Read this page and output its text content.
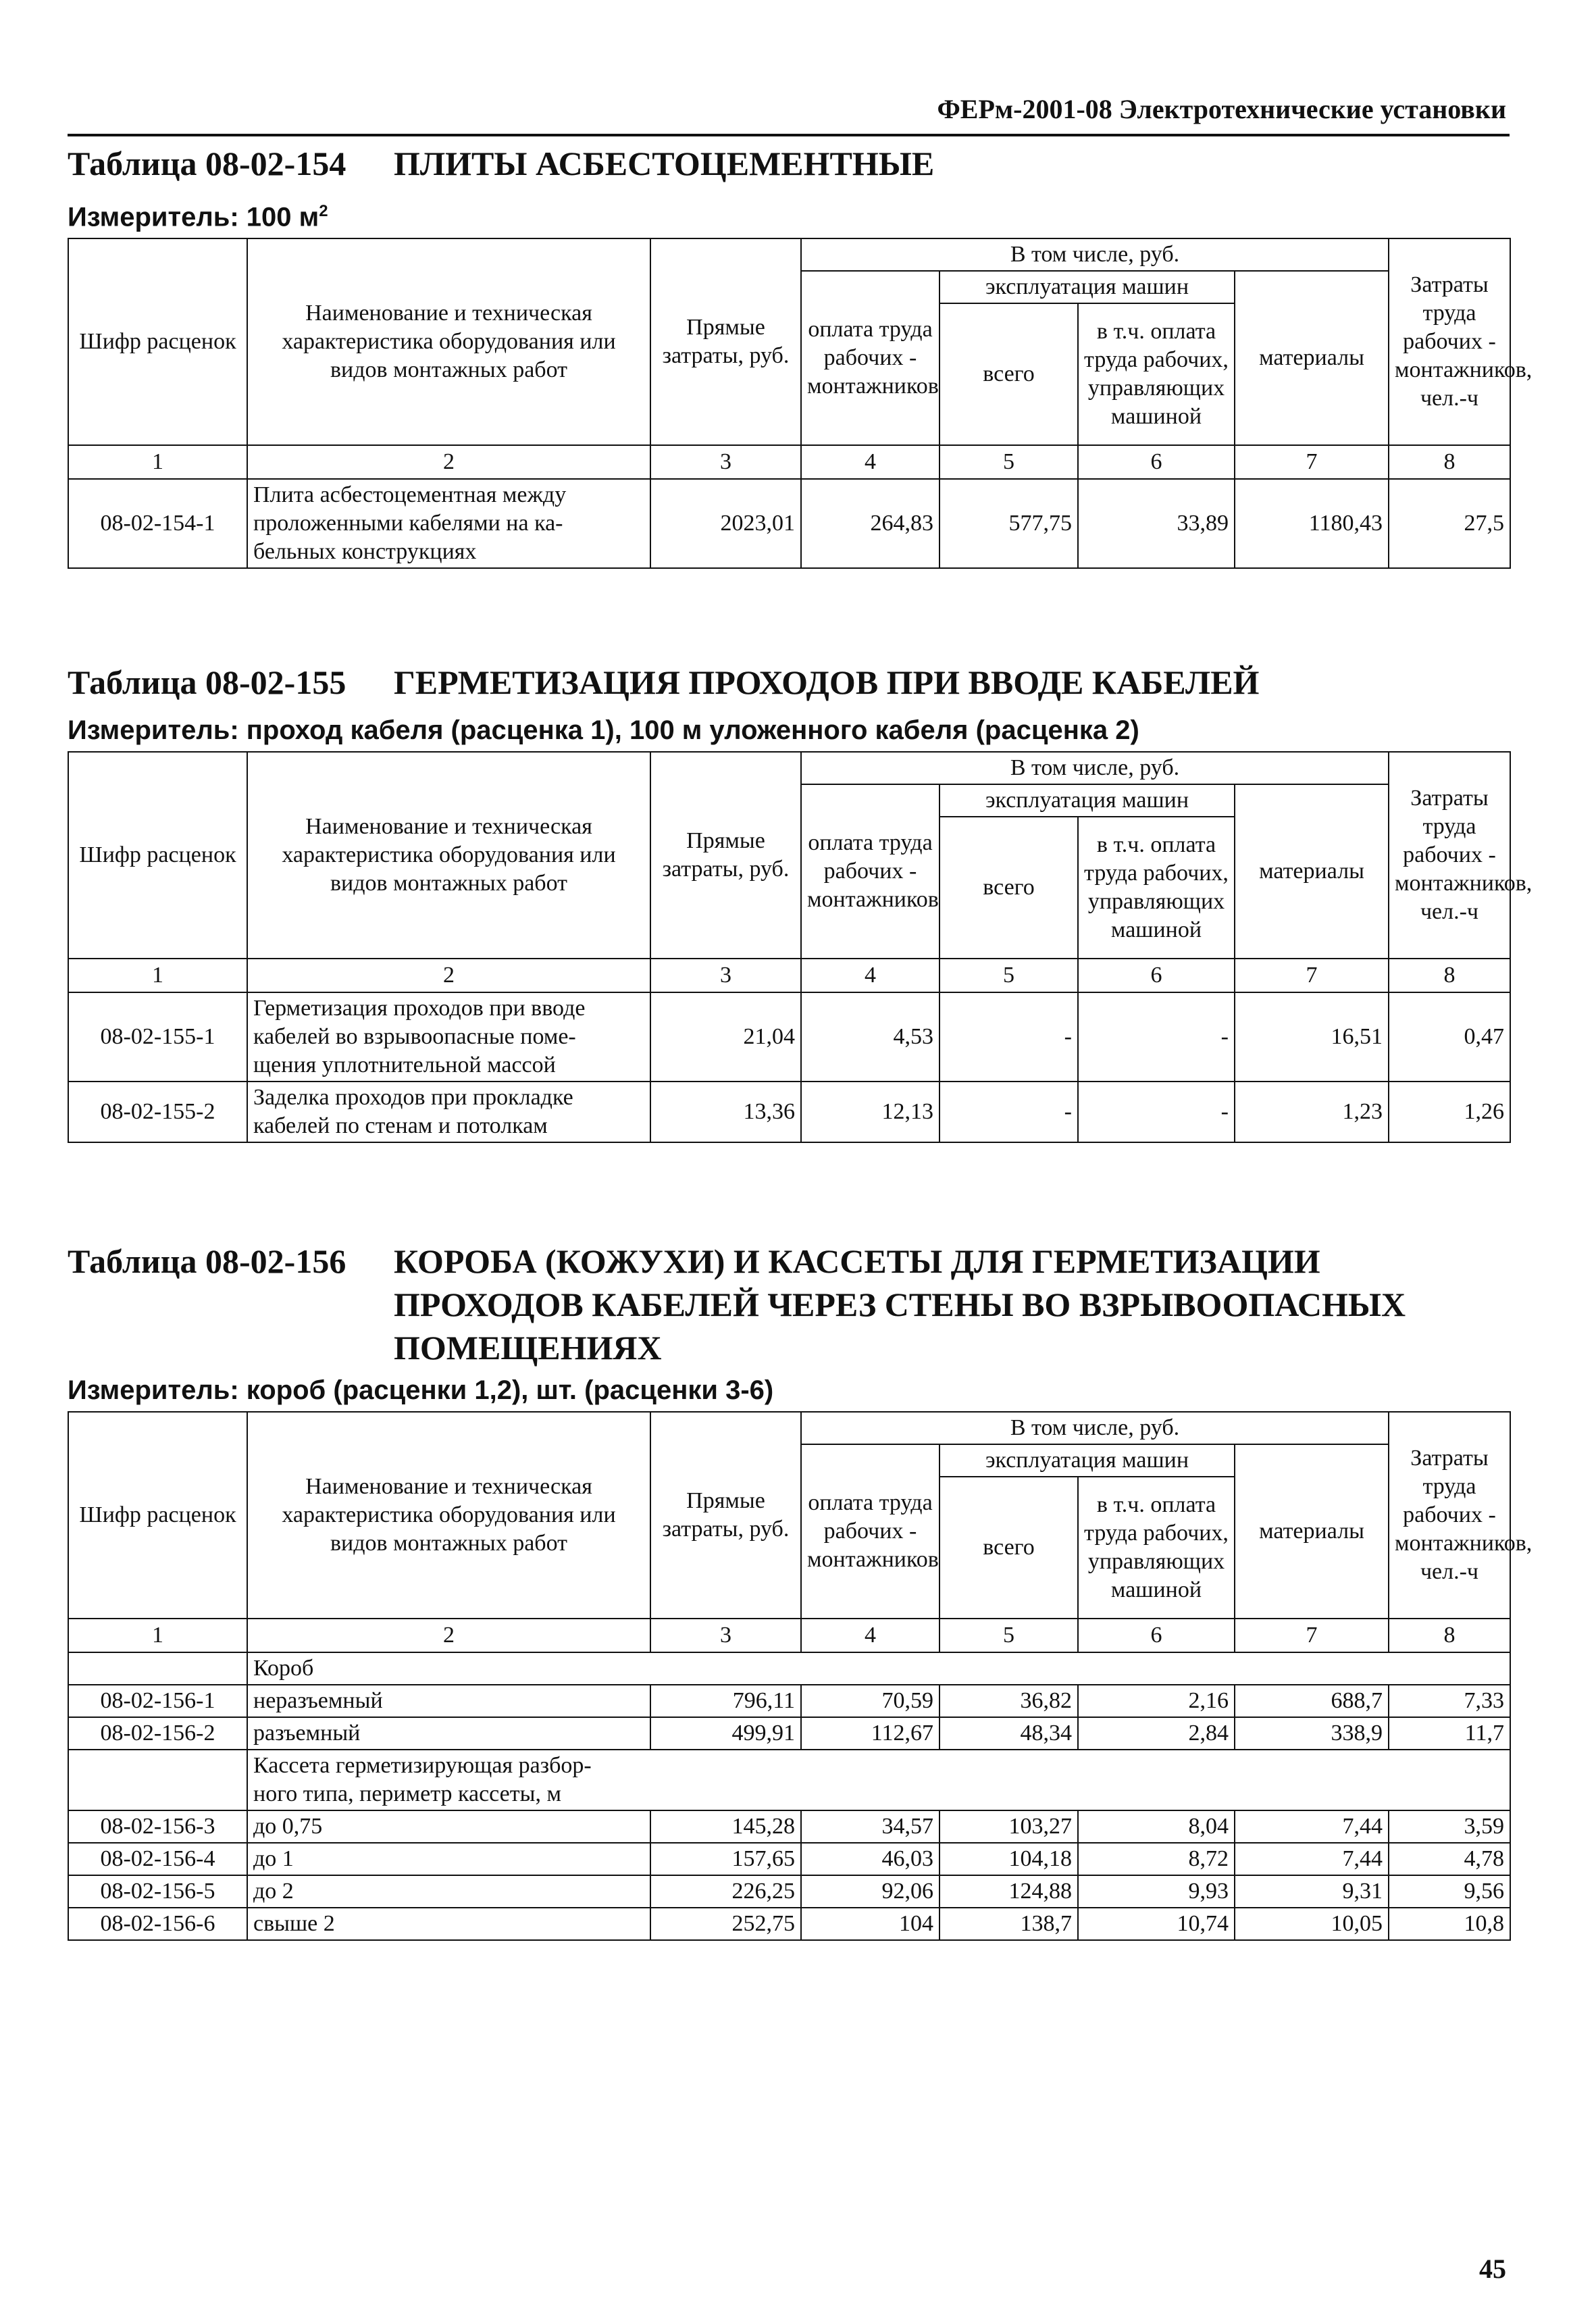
ФЕРм-2001-08 Электротехнические установки
Таблица 08-02-154 ПЛИТЫ АСБЕСТОЦЕМЕНТНЫЕ
Измеритель: 100 $м^2$
Шифр расценок	Наименование и техническая характеристика оборудования или видов монтажных работ	Прямые затраты, руб.	В том числе, руб.				Затраты труда рабочих - монтажников, чел.-ч
			оплата труда рабочих - монтажников	эксплуатация машин		материалы	
				всего	в т.ч. оплата труда рабочих, управляющих машиной		
1	2	3	4	5	6	7	8
08-02-154-1	Плита асбестоцементная между
проложенными кабелями на ка-
бельных конструкциях	2023,01	264,83	577,75	33,89	1180,43	27,5
Таблица 08-02-155 ГЕРМЕТИЗАЦИЯ ПРОХОДОВ ПРИ ВВОДЕ КАБЕЛЕЙ
Измеритель: проход кабеля (расценка 1), 100 м уложенного кабеля (расценка 2)
Шифр расценок	Наименование и техническая характеристика оборудования или видов монтажных работ	Прямые затраты, руб.	В том числе, руб.				Затраты труда рабочих - монтажников, чел.-ч
			оплата труда рабочих - монтажников	эксплуатация машин		материалы	
				всего	в т.ч. оплата труда рабочих, управляющих машиной		
1	2	3	4	5	6	7	8
08-02-155-1	Герметизация проходов при вводе
кабелей во взрывоопасные поме-
щения уплотнительной массой	21,04	4,53	-	-	16,51	0,47
08-02-155-2	Заделка проходов при прокладке
кабелей по стенам и потолкам	13,36	12,13	-	-	1,23	1,26
Таблица 08-02-156 КОРОБА (КОЖУХИ) И КАССЕТЫ ДЛЯ ГЕРМЕТИЗАЦИИ
ПРОХОДОВ КАБЕЛЕЙ ЧЕРЕЗ СТЕНЫ ВО ВЗРЫВООПАСНЫХ
ПОМЕЩЕНИЯХ
Измеритель: короб (расценки 1,2), шт. (расценки 3-6)
Шифр расценок	Наименование и техническая характеристика оборудования или видов монтажных работ	Прямые затраты, руб.	В том числе, руб.				Затраты труда рабочих - монтажников, чел.-ч
			оплата труда рабочих - монтажников	эксплуатация машин		материалы	
				всего	в т.ч. оплата труда рабочих, управляющих машиной		
1	2	3	4	5	6	7	8
	Короб						
08-02-156-1	неразъемный	796,11	70,59	36,82	2,16	688,7	7,33
08-02-156-2	разъемный	499,91	112,67	48,34	2,84	338,9	11,7
	Кассета герметизирующая разбор-
ного типа, периметр кассеты, м						
08-02-156-3	до 0,75	145,28	34,57	103,27	8,04	7,44	3,59
08-02-156-4	до 1	157,65	46,03	104,18	8,72	7,44	4,78
08-02-156-5	до 2	226,25	92,06	124,88	9,93	9,31	9,56
08-02-156-6	свыше 2	252,75	104	138,7	10,74	10,05	10,8
45
